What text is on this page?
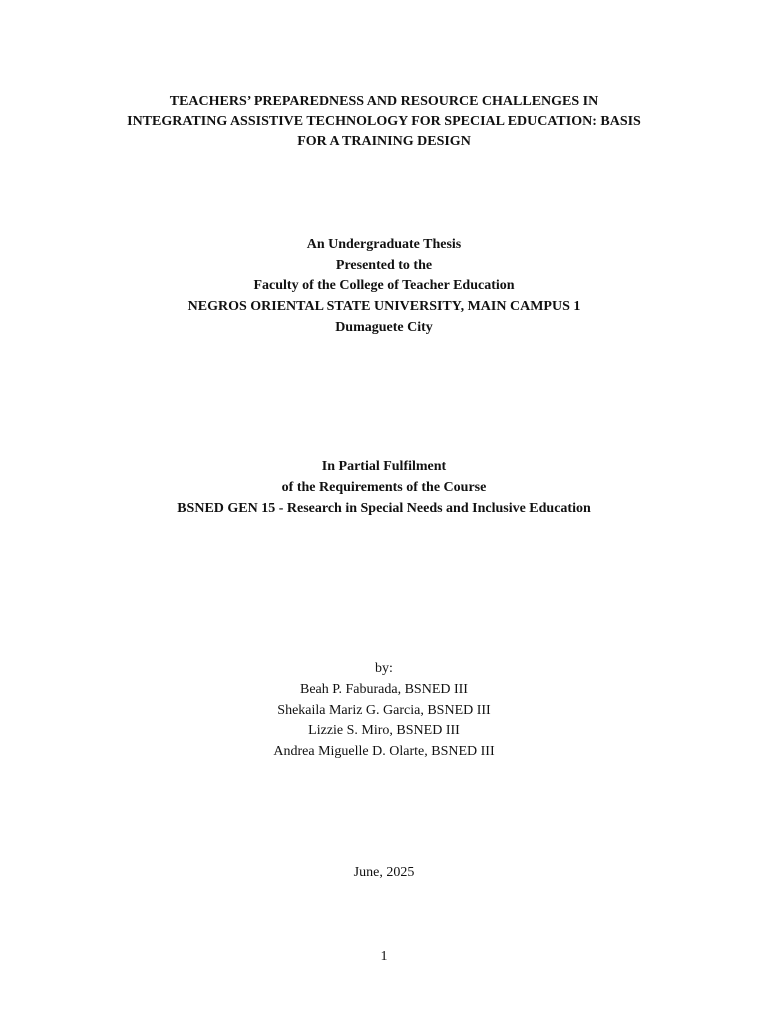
TEACHERS’ PREPAREDNESS AND RESOURCE CHALLENGES IN
INTEGRATING ASSISTIVE TECHNOLOGY FOR SPECIAL EDUCATION: BASIS
FOR A TRAINING DESIGN
An Undergraduate Thesis
Presented to the
Faculty of the College of Teacher Education
NEGROS ORIENTAL STATE UNIVERSITY, MAIN CAMPUS 1
Dumaguete City
In Partial Fulfilment
of the Requirements of the Course
BSNED GEN 15 - Research in Special Needs and Inclusive Education
by:
Beah P. Faburada, BSNED III
Shekaila Mariz G. Garcia, BSNED III
Lizzie S. Miro, BSNED III
Andrea Miguelle D. Olarte, BSNED III
June, 2025
1
